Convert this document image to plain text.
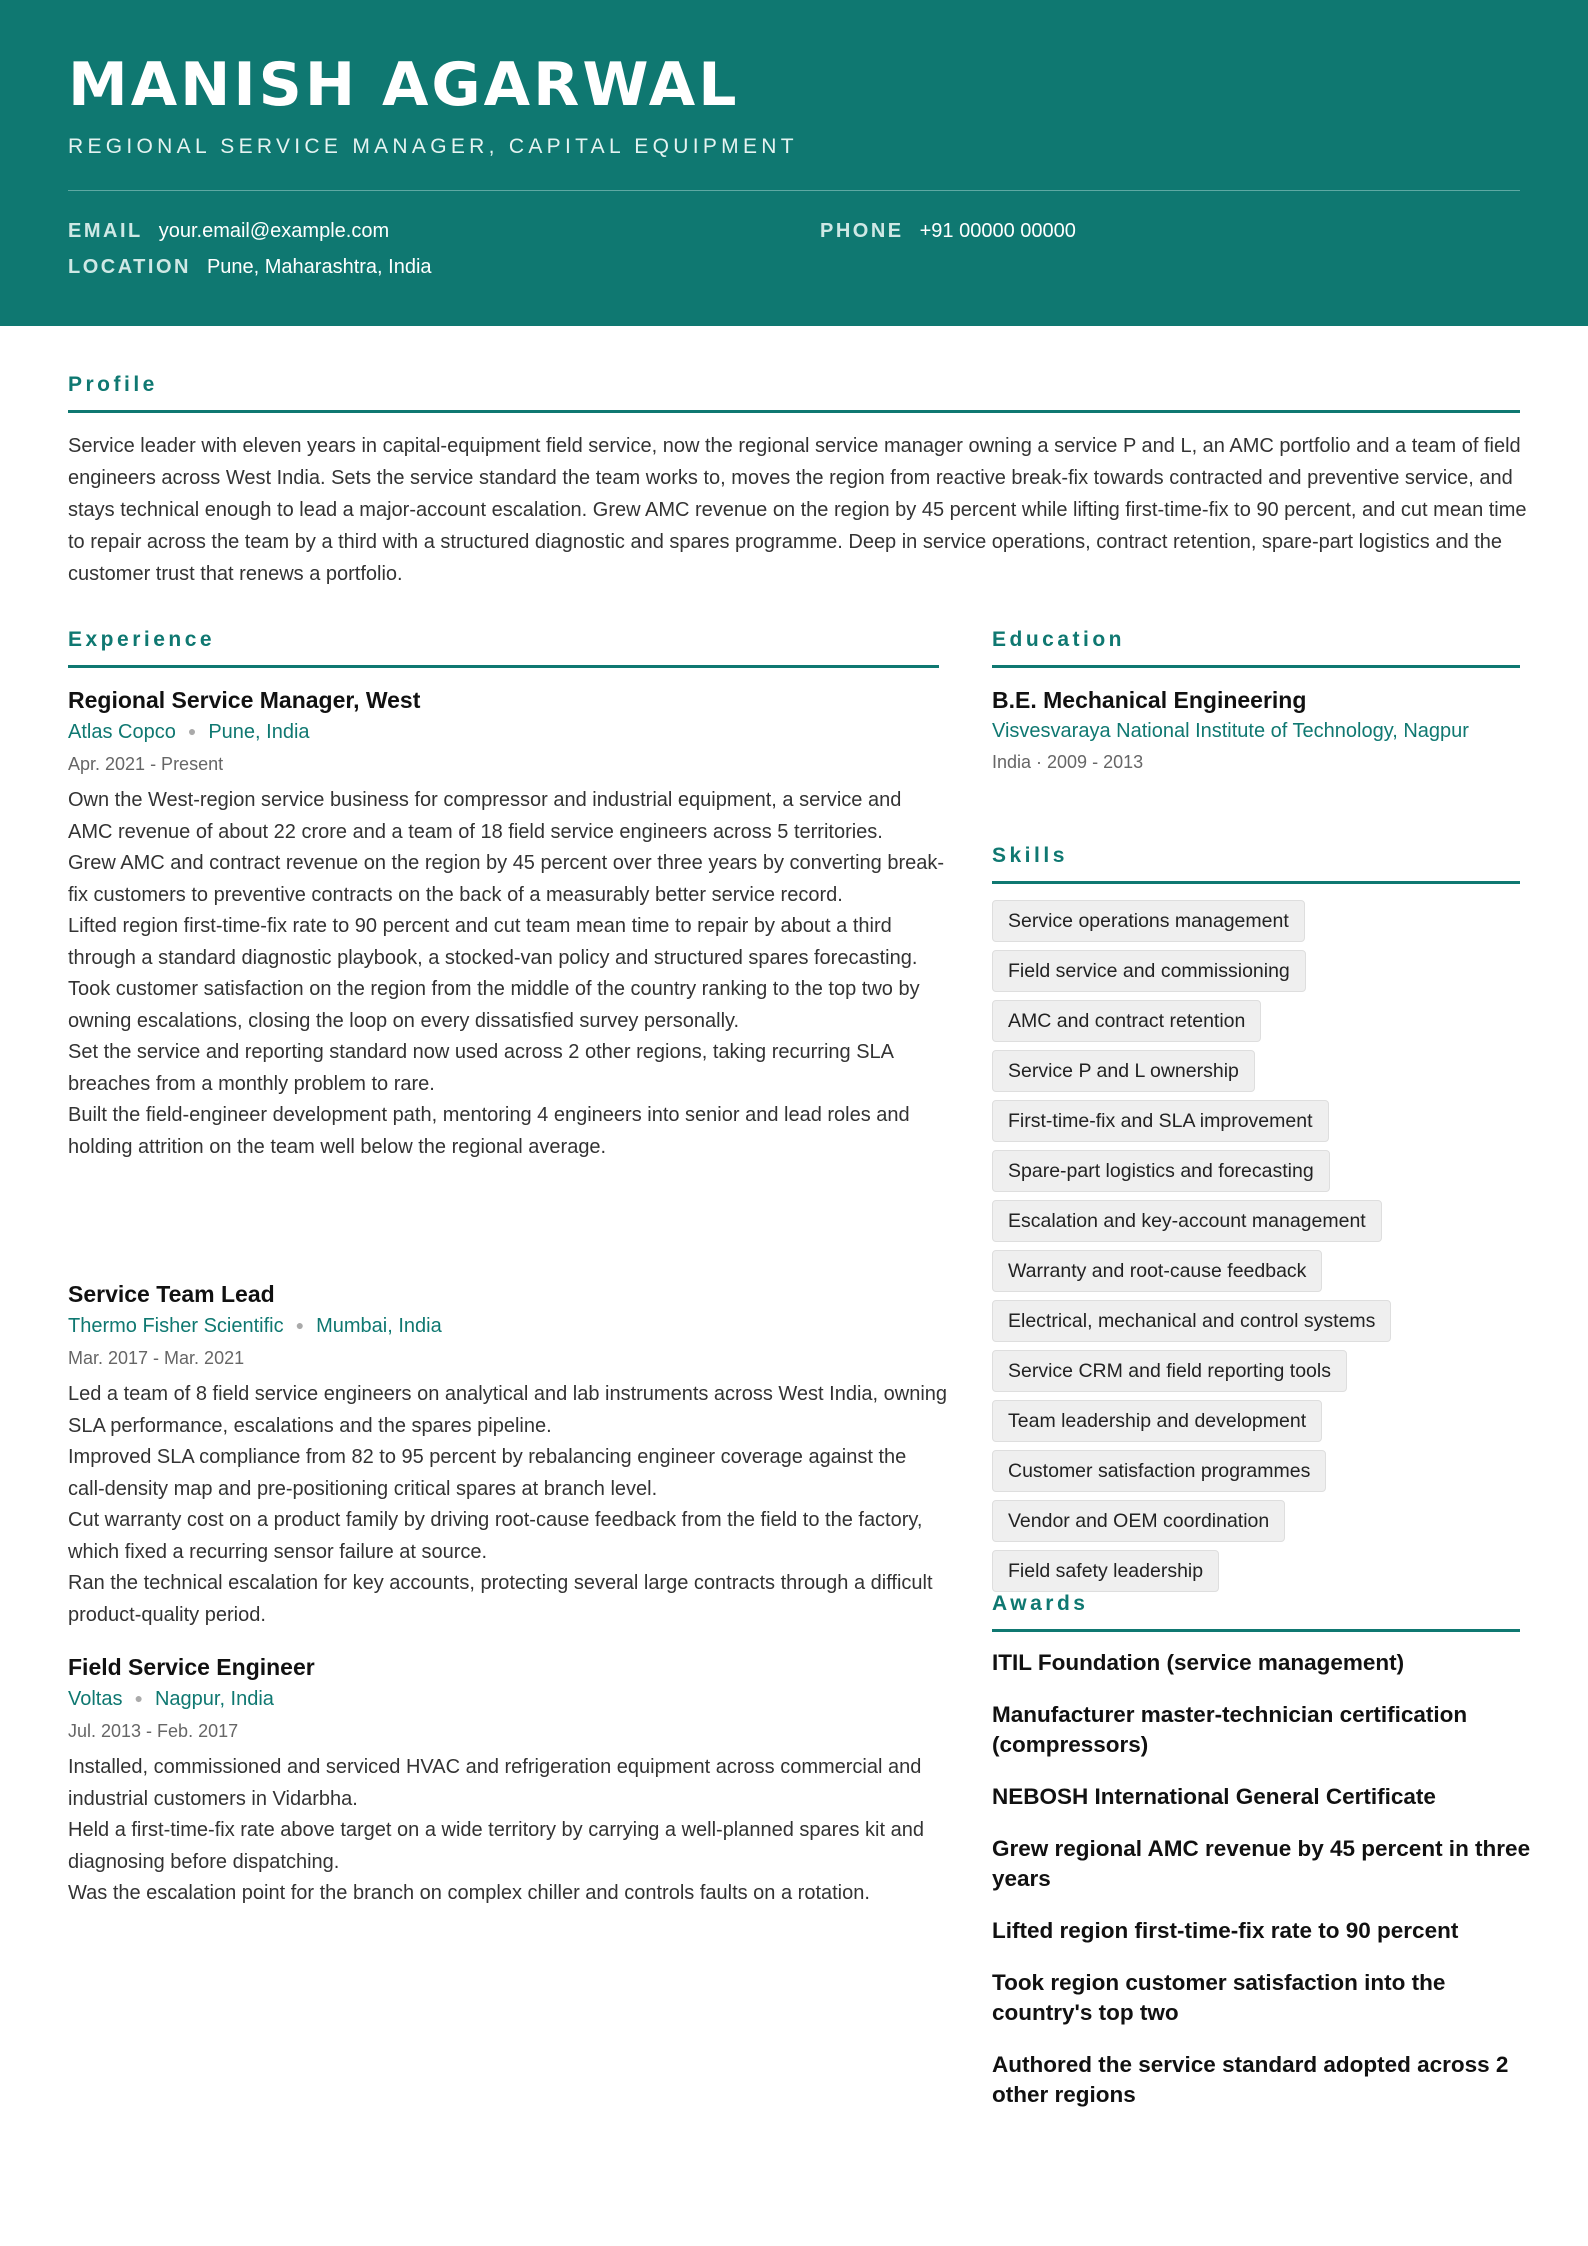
MANISH AGARWAL
REGIONAL SERVICE MANAGER, CAPITAL EQUIPMENT
EMAIL your.email@example.com	PHONE +91 00000 00000
LOCATION Pune, Maharashtra, India
Profile
Service leader with eleven years in capital-equipment field service, now the regional service manager owning a service P and L, an AMC portfolio and a team of field engineers across West India. Sets the service standard the team works to, moves the region from reactive break-fix towards contracted and preventive service, and stays technical enough to lead a major-account escalation. Grew AMC revenue on the region by 45 percent while lifting first-time-fix to 90 percent, and cut mean time to repair across the team by a third with a structured diagnostic and spares programme. Deep in service operations, contract retention, spare-part logistics and the customer trust that renews a portfolio.
Experience
Regional Service Manager, West
Atlas Copco ● Pune, India
Apr. 2021 - Present
Own the West-region service business for compressor and industrial equipment, a service and AMC revenue of about 22 crore and a team of 18 field service engineers across 5 territories.
Grew AMC and contract revenue on the region by 45 percent over three years by converting break-fix customers to preventive contracts on the back of a measurably better service record.
Lifted region first-time-fix rate to 90 percent and cut team mean time to repair by about a third through a standard diagnostic playbook, a stocked-van policy and structured spares forecasting.
Took customer satisfaction on the region from the middle of the country ranking to the top two by owning escalations, closing the loop on every dissatisfied survey personally.
Set the service and reporting standard now used across 2 other regions, taking recurring SLA breaches from a monthly problem to rare.
Built the field-engineer development path, mentoring 4 engineers into senior and lead roles and holding attrition on the team well below the regional average.
Service Team Lead
Thermo Fisher Scientific ● Mumbai, India
Mar. 2017 - Mar. 2021
Led a team of 8 field service engineers on analytical and lab instruments across West India, owning SLA performance, escalations and the spares pipeline.
Improved SLA compliance from 82 to 95 percent by rebalancing engineer coverage against the call-density map and pre-positioning critical spares at branch level.
Cut warranty cost on a product family by driving root-cause feedback from the field to the factory, which fixed a recurring sensor failure at source.
Ran the technical escalation for key accounts, protecting several large contracts through a difficult product-quality period.
Field Service Engineer
Voltas ● Nagpur, India
Jul. 2013 - Feb. 2017
Installed, commissioned and serviced HVAC and refrigeration equipment across commercial and industrial customers in Vidarbha.
Held a first-time-fix rate above target on a wide territory by carrying a well-planned spares kit and diagnosing before dispatching.
Was the escalation point for the branch on complex chiller and controls faults on a rotation.
Education
B.E. Mechanical Engineering
Visvesvaraya National Institute of Technology, Nagpur
India · 2009 - 2013
Skills
Service operations management
Field service and commissioning
AMC and contract retention
Service P and L ownership
First-time-fix and SLA improvement
Spare-part logistics and forecasting
Escalation and key-account management
Warranty and root-cause feedback
Electrical, mechanical and control systems
Service CRM and field reporting tools
Team leadership and development
Customer satisfaction programmes
Vendor and OEM coordination
Field safety leadership
Awards
ITIL Foundation (service management)
Manufacturer master-technician certification (compressors)
NEBOSH International General Certificate
Grew regional AMC revenue by 45 percent in three years
Lifted region first-time-fix rate to 90 percent
Took region customer satisfaction into the country's top two
Authored the service standard adopted across 2 other regions
